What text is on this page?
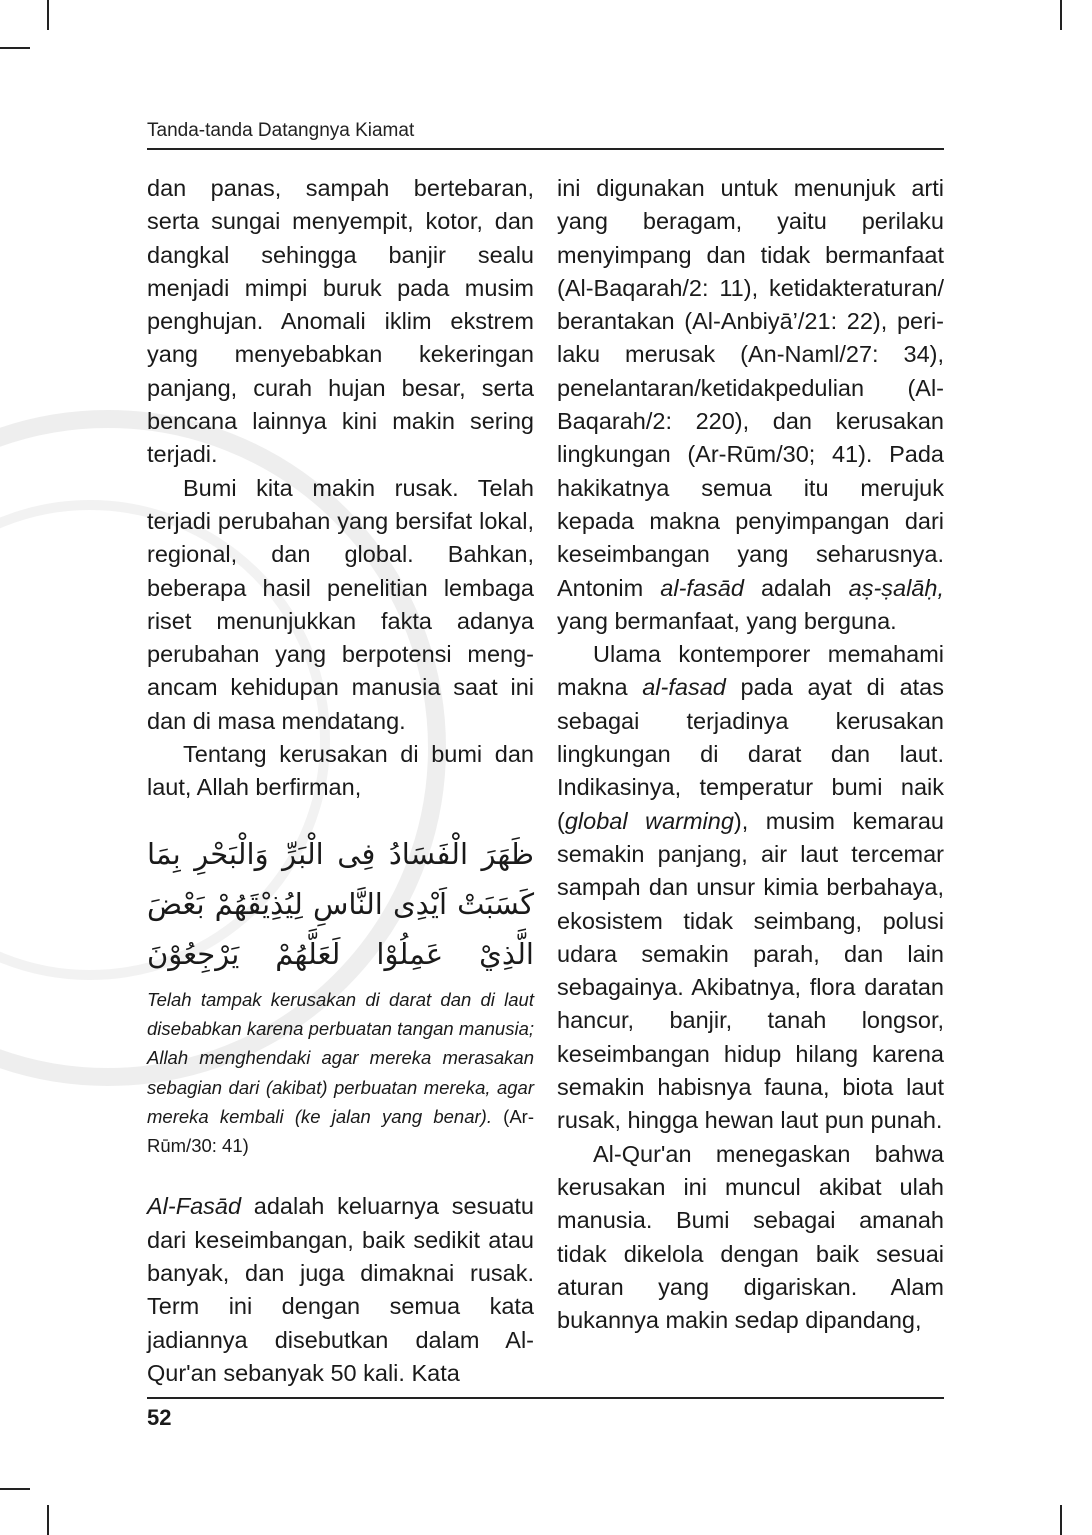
Tanda-tanda Datangnya Kiamat

dan panas, sampah bertebaran, serta sungai menyempit, kotor, dan dangkal sehingga banjir sealu menjadi mimpi buruk pada musim penghujan. Anomali iklim ekstrem yang menyebabkan kekeringan panjang, curah hujan besar, serta bencana lainnya kini makin sering terjadi.

Bumi kita makin rusak. Telah terjadi perubahan yang bersifat lokal, regional, dan global. Bahkan, beberapa hasil penelitian lembaga riset menunjukkan fakta adanya perubahan yang berpotensi mengancam kehidupan manusia saat ini dan di masa mendatang.

Tentang kerusakan di bumi dan laut, Allah berfirman,

ظَهَرَ الْفَسَادُ فِى الْبَرِّ وَالْبَحْرِ بِمَا كَسَبَتْ اَيْدِى النَّاسِ لِيُذِيْقَهُمْ بَعْضَ الَّذِيْ عَمِلُوْا لَعَلَّهُمْ يَرْجِعُوْنَ

Telah tampak kerusakan di darat dan di laut disebabkan karena perbuatan tangan manusia; Allah menghendaki agar mereka merasakan sebagian dari (akibat) perbuatan mereka, agar mereka kembali (ke jalan yang benar). (Ar-Rūm/30: 41)

Al-Fasād adalah keluarnya sesuatu dari keseimbangan, baik sedikit atau banyak, dan juga dimaknai rusak. Term ini dengan semua kata jadiannya disebutkan dalam Al-Qur'an sebanyak 50 kali. Kata

ini digunakan untuk menunjuk arti yang beragam, yaitu perilaku menyimpang dan tidak bermanfaat (Al-Baqarah/2: 11), ketidakteraturan/ berantakan (Al-Anbiyā’/21: 22), perilaku merusak (An-Naml/27: 34), penelantaran/ketidakpedulian (Al-Baqarah/2: 220), dan kerusakan lingkungan (Ar-Rūm/30; 41). Pada hakikatnya semua itu merujuk kepada makna penyimpangan dari keseimbangan yang seharusnya. Antonim al-fasād adalah aṣ-ṣalāḥ, yang bermanfaat, yang berguna.

Ulama kontemporer memahami makna al-fasad pada ayat di atas sebagai terjadinya kerusakan lingkungan di darat dan laut. Indikasinya, temperatur bumi naik (global warming), musim kemarau semakin panjang, air laut tercemar sampah dan unsur kimia berbahaya, ekosistem tidak seimbang, polusi udara semakin parah, dan lain sebagainya. Akibatnya, flora daratan hancur, banjir, tanah longsor, keseimbangan hidup hilang karena semakin habisnya fauna, biota laut rusak, hingga hewan laut pun punah.

Al-Qur'an menegaskan bahwa kerusakan ini muncul akibat ulah manusia. Bumi sebagai amanah tidak dikelola dengan baik sesuai aturan yang digariskan. Alam bukannya makin sedap dipandang,

52
